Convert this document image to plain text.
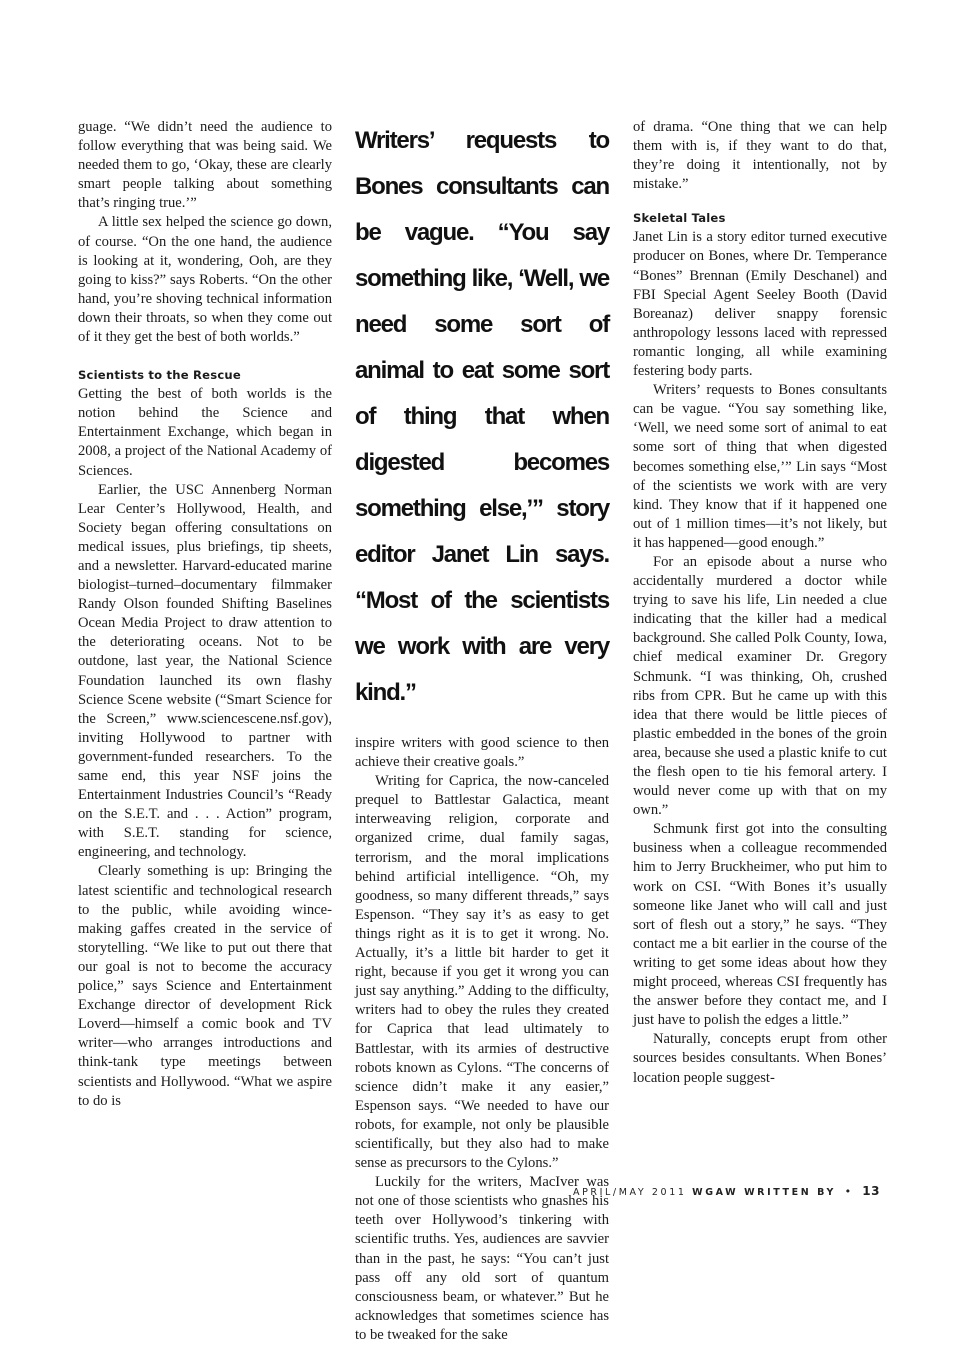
guage. “We didn’t need the audience to follow everything that was being said. We needed them to go, ‘Okay, these are clearly smart people talking about something that’s ringing true.’”

A little sex helped the science go down, of course. “On the one hand, the audience is looking at it, wondering, Ooh, are they going to kiss?” says Roberts. “On the other hand, you’re shoving technical information down their throats, so when they come out of it they get the best of both worlds.”

Scientists to the Rescue

Getting the best of both worlds is the notion behind the Science and Entertainment Exchange, which began in 2008, a project of the National Academy of Sciences.

Earlier, the USC Annenberg Norman Lear Center’s Hollywood, Health, and Society began offering consultations on medical issues, plus briefings, tip sheets, and a newsletter. Harvard-educated marine biologist–turned–documentary filmmaker Randy Olson founded Shifting Baselines Ocean Media Project to draw attention to the deteriorating oceans. Not to be outdone, last year, the National Science Foundation launched its own flashy Science Scene website (“Smart Science for the Screen,” www.sciencescene.nsf.gov), inviting Hollywood to partner with government-funded researchers. To the same end, this year NSF joins the Entertainment Industries Council’s “Ready on the S.E.T. and . . . Action” program, with S.E.T. standing for science, engineering, and technology.

Clearly something is up: Bringing the latest scientific and technological research to the public, while avoiding wince-making gaffes created in the service of storytelling. “We like to put out there that our goal is not to become the accuracy police,” says Science and Entertainment Exchange director of development Rick Loverd—himself a comic book and TV writer—who arranges introductions and think-tank type meetings between scientists and Hollywood. “What we aspire to do is

Writers’ requests to Bones consultants can be vague. “You say something like, ‘Well, we need some sort of animal to eat some sort of thing that when digested becomes something else,’” story editor Janet Lin says. “Most of the scientists we work with are very kind.”

inspire writers with good science to then achieve their creative goals.”

Writing for Caprica, the now-canceled prequel to Battlestar Galactica, meant interweaving religion, corporate and organized crime, dual family sagas, terrorism, and the moral implications behind artificial intelligence. “Oh, my goodness, so many different threads,” says Espenson. “They say it’s as easy to get things right as it is to get it wrong. No. Actually, it’s a little bit harder to get it right, because if you get it wrong you can just say anything.” Adding to the difficulty, writers had to obey the rules they created for Caprica that lead ultimately to Battlestar, with its armies of destructive robots known as Cylons. “The concerns of science didn’t make it any easier,” Espenson says. “We needed to have our robots, for example, not only be plausible scientifically, but they also had to make sense as precursors to the Cylons.”

Luckily for the writers, MacIver was not one of those scientists who gnashes his teeth over Hollywood’s tinkering with scientific truths. Yes, audiences are savvier than in the past, he says: “You can’t just pass off any old sort of quantum consciousness beam, or whatever.” But he acknowledges that sometimes science has to be tweaked for the sake

of drama. “One thing that we can help them with is, if they want to do that, they’re doing it intentionally, not by mistake.”

Skeletal Tales

Janet Lin is a story editor turned executive producer on Bones, where Dr. Temperance “Bones” Brennan (Emily Deschanel) and FBI Special Agent Seeley Booth (David Boreanaz) deliver snappy forensic anthropology lessons laced with repressed romantic longing, all while examining festering body parts.

Writers’ requests to Bones consultants can be vague. “You say something like, ‘Well, we need some sort of animal to eat some sort of thing that when digested becomes something else,’” Lin says “Most of the scientists we work with are very kind. They know that if it happened one out of 1 million times—it’s not likely, but it has happened—good enough.”

For an episode about a nurse who accidentally murdered a doctor while trying to save his life, Lin needed a clue indicating that the killer had a medical background. She called Polk County, Iowa, chief medical examiner Dr. Gregory Schmunk. “I was thinking, Oh, crushed ribs from CPR. But he came up with this idea that there would be little pieces of plastic embedded in the bones of the groin area, because she used a plastic knife to cut the flesh open to tie his femoral artery. I would never come up with that on my own.”

Schmunk first got into the consulting business when a colleague recommended him to Jerry Bruckheimer, who put him to work on CSI. “With Bones it’s usually someone like Janet who will call and just sort of flesh out a story,” he says. “They contact me a bit earlier in the course of the writing to get some ideas about how they might proceed, whereas CSI frequently has the answer before they contact me, and I just have to polish the edges a little.”

Naturally, concepts erupt from other sources besides consultants. When Bones’ location people suggest-

APRIL/MAY 2011 WGAW WRITTEN BY • 13
